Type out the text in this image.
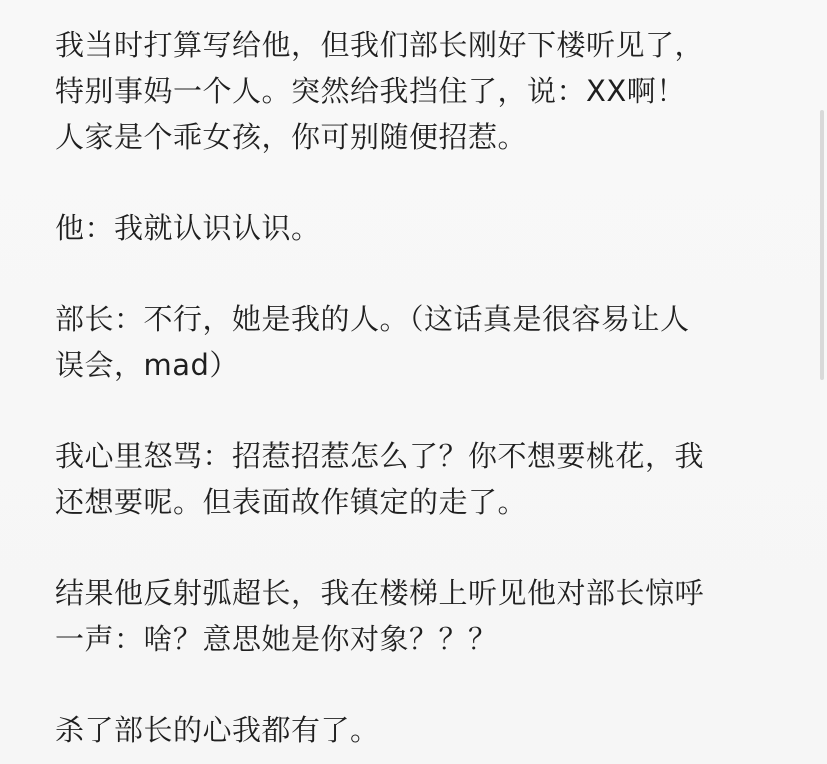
我当时打算写给他，但我们部长刚好下楼听见了，
特别事妈一个人。突然给我挡住了，说：XX啊！
人家是个乖女孩，你可别随便招惹。

他：我就认识认识。

部长：不行，她是我的人。（这话真是很容易让人
误会，mad）

我心里怒骂：招惹招惹怎么了？你不想要桃花，我
还想要呢。但表面故作镇定的走了。

结果他反射弧超长，我在楼梯上听见他对部长惊呼
一声：啥？意思她是你对象？？？

杀了部长的心我都有了。
